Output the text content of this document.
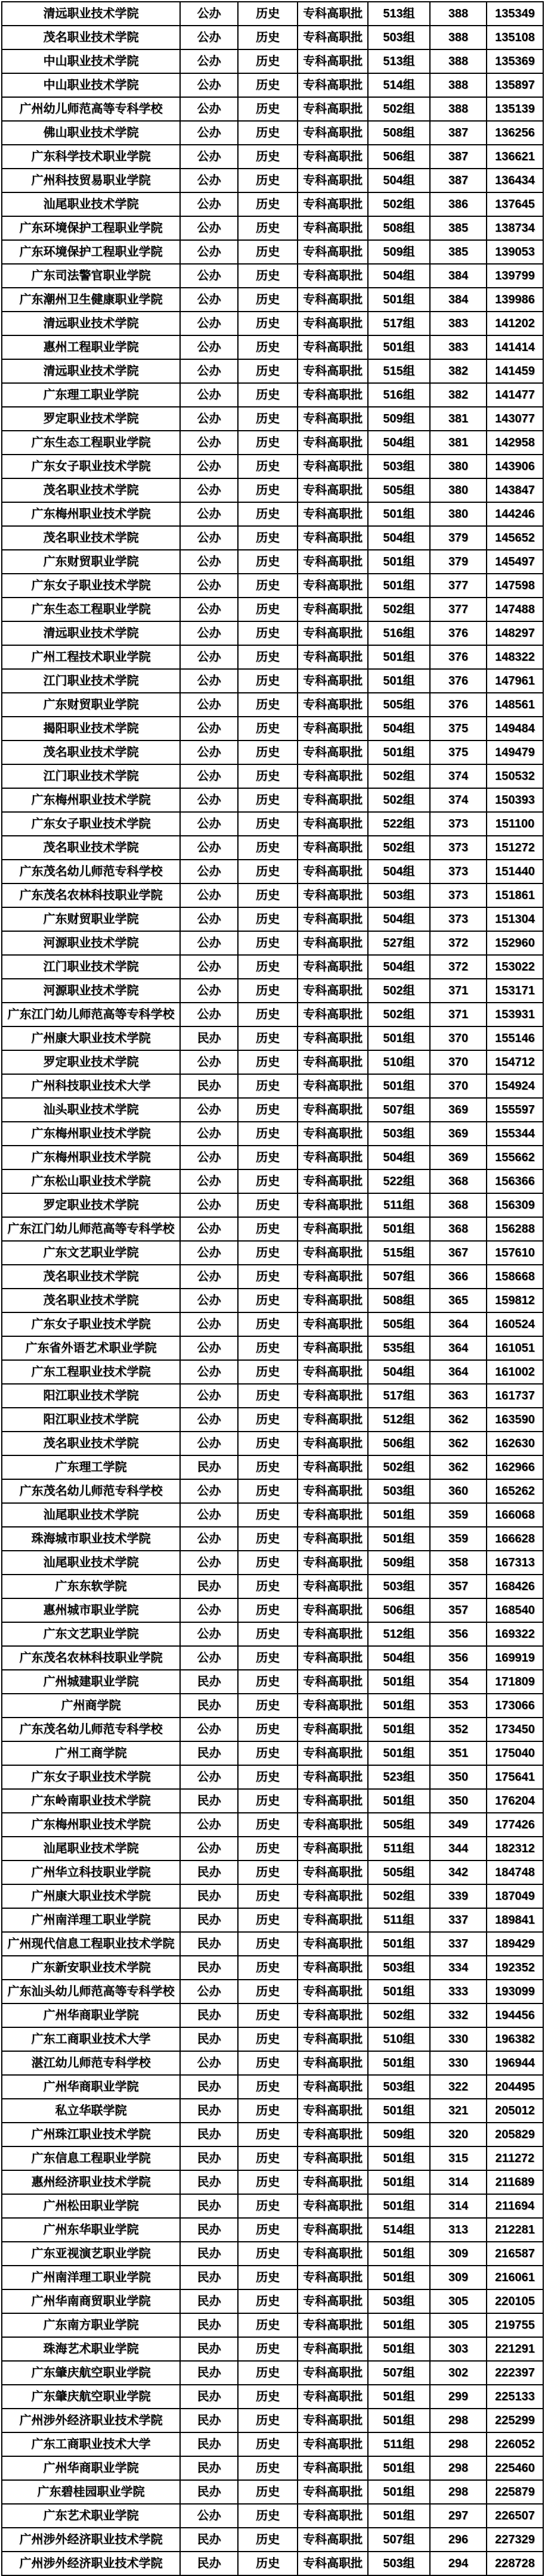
清远职业技术学院	公办	历史	专科高职批	513组	388	135349
茂名职业技术学院	公办	历史	专科高职批	503组	388	135108
中山职业技术学院	公办	历史	专科高职批	513组	388	135369
中山职业技术学院	公办	历史	专科高职批	514组	388	135897
广州幼儿师范高等专科学校	公办	历史	专科高职批	502组	388	135139
佛山职业技术学院	公办	历史	专科高职批	508组	387	136256
广东科学技术职业学院	公办	历史	专科高职批	506组	387	136621
广州科技贸易职业学院	公办	历史	专科高职批	504组	387	136434
汕尾职业技术学院	公办	历史	专科高职批	502组	386	137645
广东环境保护工程职业学院	公办	历史	专科高职批	508组	385	138734
广东环境保护工程职业学院	公办	历史	专科高职批	509组	385	139053
广东司法警官职业学院	公办	历史	专科高职批	504组	384	139799
广东潮州卫生健康职业学院	公办	历史	专科高职批	501组	384	139986
清远职业技术学院	公办	历史	专科高职批	517组	383	141202
惠州工程职业学院	公办	历史	专科高职批	501组	383	141414
清远职业技术学院	公办	历史	专科高职批	515组	382	141459
广东理工职业学院	公办	历史	专科高职批	516组	382	141477
罗定职业技术学院	公办	历史	专科高职批	509组	381	143077
广东生态工程职业学院	公办	历史	专科高职批	504组	381	142958
广东女子职业技术学院	公办	历史	专科高职批	503组	380	143906
茂名职业技术学院	公办	历史	专科高职批	505组	380	143847
广东梅州职业技术学院	公办	历史	专科高职批	501组	380	144246
茂名职业技术学院	公办	历史	专科高职批	504组	379	145652
广东财贸职业学院	公办	历史	专科高职批	501组	379	145497
广东女子职业技术学院	公办	历史	专科高职批	501组	377	147598
广东生态工程职业学院	公办	历史	专科高职批	502组	377	147488
清远职业技术学院	公办	历史	专科高职批	516组	376	148297
广州工程技术职业学院	公办	历史	专科高职批	501组	376	148322
江门职业技术学院	公办	历史	专科高职批	501组	376	147961
广东财贸职业学院	公办	历史	专科高职批	505组	376	148561
揭阳职业技术学院	公办	历史	专科高职批	504组	375	149484
茂名职业技术学院	公办	历史	专科高职批	501组	375	149479
江门职业技术学院	公办	历史	专科高职批	502组	374	150532
广东梅州职业技术学院	公办	历史	专科高职批	502组	374	150393
广东女子职业技术学院	公办	历史	专科高职批	522组	373	151100
茂名职业技术学院	公办	历史	专科高职批	502组	373	151272
广东茂名幼儿师范专科学校	公办	历史	专科高职批	504组	373	151440
广东茂名农林科技职业学院	公办	历史	专科高职批	503组	373	151861
广东财贸职业学院	公办	历史	专科高职批	504组	373	151304
河源职业技术学院	公办	历史	专科高职批	527组	372	152960
江门职业技术学院	公办	历史	专科高职批	504组	372	153022
河源职业技术学院	公办	历史	专科高职批	502组	371	153171
广东江门幼儿师范高等专科学校	公办	历史	专科高职批	502组	371	153931
广州康大职业技术学院	民办	历史	专科高职批	501组	370	155146
罗定职业技术学院	公办	历史	专科高职批	510组	370	154712
广州科技职业技术大学	民办	历史	专科高职批	501组	370	154924
汕头职业技术学院	公办	历史	专科高职批	507组	369	155597
广东梅州职业技术学院	公办	历史	专科高职批	503组	369	155344
广东梅州职业技术学院	公办	历史	专科高职批	504组	369	155662
广东松山职业技术学院	公办	历史	专科高职批	522组	368	156366
罗定职业技术学院	公办	历史	专科高职批	511组	368	156309
广东江门幼儿师范高等专科学校	公办	历史	专科高职批	501组	368	156288
广东文艺职业学院	公办	历史	专科高职批	515组	367	157610
茂名职业技术学院	公办	历史	专科高职批	507组	366	158668
茂名职业技术学院	公办	历史	专科高职批	508组	365	159812
广东女子职业技术学院	公办	历史	专科高职批	505组	364	160524
广东省外语艺术职业学院	公办	历史	专科高职批	535组	364	161051
广东工程职业技术学院	公办	历史	专科高职批	504组	364	161002
阳江职业技术学院	公办	历史	专科高职批	517组	363	161737
阳江职业技术学院	公办	历史	专科高职批	512组	362	163590
茂名职业技术学院	公办	历史	专科高职批	506组	362	162630
广东理工学院	民办	历史	专科高职批	502组	362	162966
广东茂名幼儿师范专科学校	公办	历史	专科高职批	503组	360	165262
汕尾职业技术学院	公办	历史	专科高职批	501组	359	166068
珠海城市职业技术学院	公办	历史	专科高职批	501组	359	166628
汕尾职业技术学院	公办	历史	专科高职批	509组	358	167313
广东东软学院	民办	历史	专科高职批	503组	357	168426
惠州城市职业学院	公办	历史	专科高职批	506组	357	168540
广东文艺职业学院	公办	历史	专科高职批	512组	356	169322
广东茂名农林科技职业学院	公办	历史	专科高职批	504组	356	169919
广州城建职业学院	民办	历史	专科高职批	501组	354	171809
广州商学院	民办	历史	专科高职批	501组	353	173066
广东茂名幼儿师范专科学校	公办	历史	专科高职批	501组	352	173450
广州工商学院	民办	历史	专科高职批	501组	351	175040
广东女子职业技术学院	公办	历史	专科高职批	523组	350	175641
广东岭南职业技术学院	民办	历史	专科高职批	501组	350	176204
广东梅州职业技术学院	公办	历史	专科高职批	505组	349	177426
汕尾职业技术学院	公办	历史	专科高职批	511组	344	182312
广州华立科技职业学院	民办	历史	专科高职批	505组	342	184748
广州康大职业技术学院	民办	历史	专科高职批	502组	339	187049
广州南洋理工职业学院	民办	历史	专科高职批	511组	337	189841
广州现代信息工程职业技术学院	民办	历史	专科高职批	501组	337	189429
广东新安职业技术学院	民办	历史	专科高职批	503组	334	192352
广东汕头幼儿师范高等专科学校	公办	历史	专科高职批	501组	333	193099
广州华商职业学院	民办	历史	专科高职批	502组	332	194456
广东工商职业技术大学	民办	历史	专科高职批	510组	330	196382
湛江幼儿师范专科学校	公办	历史	专科高职批	501组	330	196944
广州华商职业学院	民办	历史	专科高职批	503组	322	204495
私立华联学院	民办	历史	专科高职批	501组	321	205012
广州珠江职业技术学院	民办	历史	专科高职批	509组	320	205829
广东信息工程职业学院	民办	历史	专科高职批	501组	315	211272
惠州经济职业技术学院	民办	历史	专科高职批	501组	314	211689
广州松田职业学院	民办	历史	专科高职批	501组	314	211694
广州东华职业学院	民办	历史	专科高职批	514组	313	212281
广东亚视演艺职业学院	民办	历史	专科高职批	501组	309	216587
广州南洋理工职业学院	民办	历史	专科高职批	501组	309	216061
广州华南商贸职业学院	民办	历史	专科高职批	503组	305	220105
广东南方职业学院	民办	历史	专科高职批	501组	305	219755
珠海艺术职业学院	民办	历史	专科高职批	501组	303	221291
广东肇庆航空职业学院	民办	历史	专科高职批	507组	302	222397
广东肇庆航空职业学院	民办	历史	专科高职批	501组	299	225133
广州涉外经济职业技术学院	民办	历史	专科高职批	501组	298	225299
广东工商职业技术大学	民办	历史	专科高职批	511组	298	226052
广州华商职业学院	民办	历史	专科高职批	501组	298	225460
广东碧桂园职业学院	民办	历史	专科高职批	501组	298	225879
广东艺术职业学院	公办	历史	专科高职批	501组	297	226507
广州涉外经济职业技术学院	民办	历史	专科高职批	507组	296	227329
广州涉外经济职业技术学院	民办	历史	专科高职批	503组	294	228728
